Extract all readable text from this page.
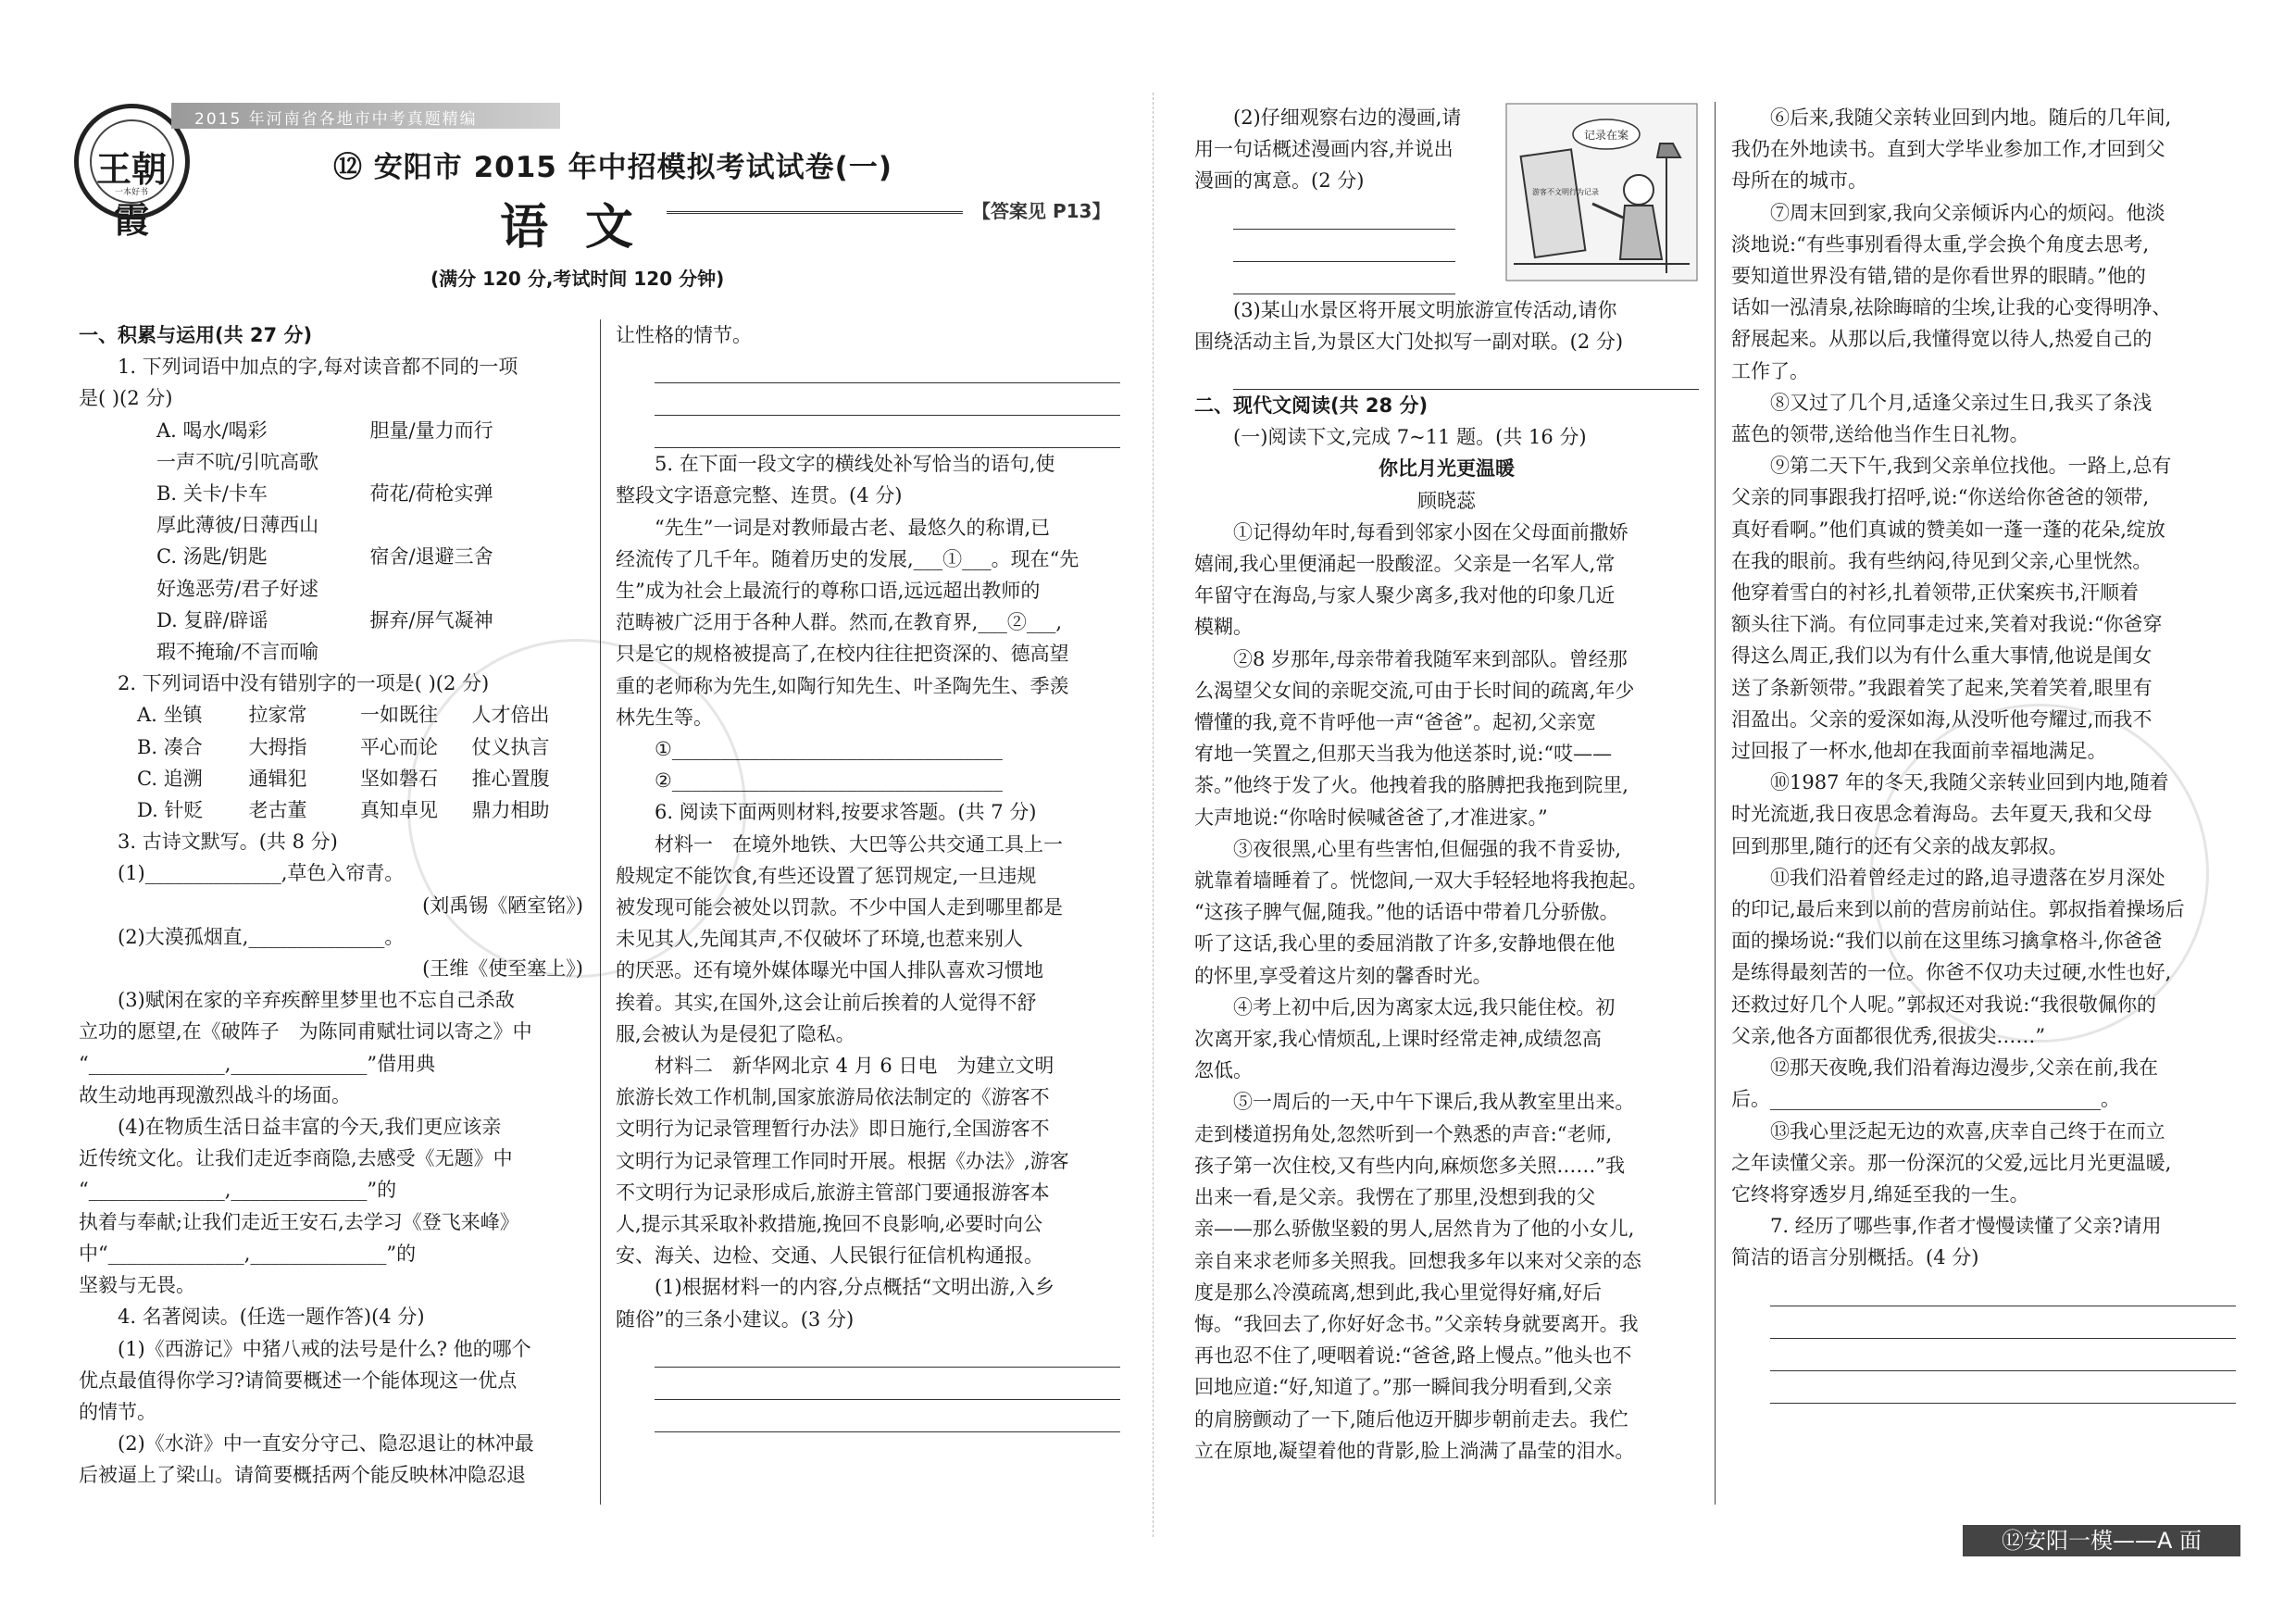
王朝霞
一本好书
2015 年河南省各地市中考真题精编
⑫ 安阳市 2015 年中招模拟考试试卷(一)
语文	【答案见 P13】
(满分 120 分,考试时间 120 分钟)

一、积累与运用(共 27 分)

1. 下列词语中加点的字,每对读音都不同的一项

是( )(2 分)

A. 喝水/喝彩	胆量/量力而行

一声不吭/引吭高歌

B. 关卡/卡车	荷花/荷枪实弹

厚此薄彼/日薄西山

C. 汤匙/钥匙	宿舍/退避三舍

好逸恶劳/君子好逑

D. 复辟/辟谣	摒弃/屏气凝神

瑕不掩瑜/不言而喻

2. 下列词语中没有错别字的一项是( )(2 分)

A. 坐镇	拉家常	一如既往	人才倍出

B. 凑合	大拇指	平心而论	仗义执言

C. 追溯	通辑犯	坚如磐石	推心置腹

D. 针贬	老古董	真知卓见	鼎力相助

3. 古诗文默写。(共 8 分)

(1)______________,草色入帘青。

(刘禹锡《陋室铭》)

(2)大漠孤烟直,______________。

(王维《使至塞上》)

(3)赋闲在家的辛弃疾醉里梦里也不忘自己杀敌

立功的愿望,在《破阵子　为陈同甫赋壮词以寄之》中

“______________,______________”借用典

故生动地再现激烈战斗的场面。

(4)在物质生活日益丰富的今天,我们更应该亲

近传统文化。让我们走近李商隐,去感受《无题》中

“______________,______________”的

执着与奉献;让我们走近王安石,去学习《登飞来峰》

中“______________,______________”的

坚毅与无畏。

4. 名著阅读。(任选一题作答)(4 分)

(1)《西游记》中猪八戒的法号是什么? 他的哪个

优点最值得你学习?请简要概述一个能体现这一优点

的情节。

(2)《水浒》中一直安分守己、隐忍退让的林冲最

后被逼上了梁山。请简要概括两个能反映林冲隐忍退

让性格的情节。

5. 在下面一段文字的横线处补写恰当的语句,使

整段文字语意完整、连贯。(4 分)

“先生”一词是对教师最古老、最悠久的称谓,已

经流传了几千年。随着历史的发展,___①___。现在“先

生”成为社会上最流行的尊称口语,远远超出教师的

范畴被广泛用于各种人群。然而,在教育界,___②___,

只是它的规格被提高了,在校内往往把资深的、德高望

重的老师称为先生,如陶行知先生、叶圣陶先生、季羡

林先生等。

①__________________________________

②__________________________________

6. 阅读下面两则材料,按要求答题。(共 7 分)

材料一　在境外地铁、大巴等公共交通工具上一

般规定不能饮食,有些还设置了惩罚规定,一旦违规

被发现可能会被处以罚款。不少中国人走到哪里都是

未见其人,先闻其声,不仅破坏了环境,也惹来别人

的厌恶。还有境外媒体曝光中国人排队喜欢习惯地

挨着。其实,在国外,这会让前后挨着的人觉得不舒

服,会被认为是侵犯了隐私。

材料二　新华网北京 4 月 6 日电　为建立文明

旅游长效工作机制,国家旅游局依法制定的《游客不

文明行为记录管理暂行办法》即日施行,全国游客不

文明行为记录管理工作同时开展。根据《办法》,游客

不文明行为记录形成后,旅游主管部门要通报游客本

人,提示其采取补救措施,挽回不良影响,必要时向公

安、海关、边检、交通、人民银行征信机构通报。

(1)根据材料一的内容,分点概括“文明出游,入乡

随俗”的三条小建议。(3 分)

(2)仔细观察右边的漫画,请

用一句话概述漫画内容,并说出

漫画的寓意。(2 分)

(3)某山水景区将开展文明旅游宣传活动,请你

围绕活动主旨,为景区大门处拟写一副对联。(2 分)

二、现代文阅读(共 28 分)

(一)阅读下文,完成 7~11 题。(共 16 分)

你比月光更温暖

顾晓蕊

①记得幼年时,每看到邻家小囡在父母面前撒娇

嬉闹,我心里便涌起一股酸涩。父亲是一名军人,常

年留守在海岛,与家人聚少离多,我对他的印象几近

模糊。

②8 岁那年,母亲带着我随军来到部队。曾经那

么渴望父女间的亲昵交流,可由于长时间的疏离,年少

懵懂的我,竟不肯呼他一声“爸爸”。起初,父亲宽

宥地一笑置之,但那天当我为他送茶时,说:“哎——

茶。”他终于发了火。他拽着我的胳膊把我拖到院里,

大声地说:“你啥时候喊爸爸了,才准进家。”

③夜很黑,心里有些害怕,但倔强的我不肯妥协,

就靠着墙睡着了。恍惚间,一双大手轻轻地将我抱起。

“这孩子脾气倔,随我。”他的话语中带着几分骄傲。

听了这话,我心里的委屈消散了许多,安静地偎在他

的怀里,享受着这片刻的馨香时光。

④考上初中后,因为离家太远,我只能住校。初

次离开家,我心情烦乱,上课时经常走神,成绩忽高

忽低。

⑤一周后的一天,中午下课后,我从教室里出来。

走到楼道拐角处,忽然听到一个熟悉的声音:“老师,

孩子第一次住校,又有些内向,麻烦您多关照……”我

出来一看,是父亲。我愣在了那里,没想到我的父

亲——那么骄傲坚毅的男人,居然肯为了他的小女儿,

亲自来求老师多关照我。回想我多年以来对父亲的态

度是那么冷漠疏离,想到此,我心里觉得好痛,好后

悔。“我回去了,你好好念书。”父亲转身就要离开。我

再也忍不住了,哽咽着说:“爸爸,路上慢点。”他头也不

回地应道:“好,知道了。”那一瞬间我分明看到,父亲

的肩膀颤动了一下,随后他迈开脚步朝前走去。我伫

立在原地,凝望着他的背影,脸上淌满了晶莹的泪水。

⑥后来,我随父亲转业回到内地。随后的几年间,

我仍在外地读书。直到大学毕业参加工作,才回到父

母所在的城市。

⑦周末回到家,我向父亲倾诉内心的烦闷。他淡

淡地说:“有些事别看得太重,学会换个角度去思考,

要知道世界没有错,错的是你看世界的眼睛。”他的

话如一泓清泉,祛除晦暗的尘埃,让我的心变得明净、

舒展起来。从那以后,我懂得宽以待人,热爱自己的

工作了。

⑧又过了几个月,适逢父亲过生日,我买了条浅

蓝色的领带,送给他当作生日礼物。

⑨第二天下午,我到父亲单位找他。一路上,总有

父亲的同事跟我打招呼,说:“你送给你爸爸的领带,

真好看啊。”他们真诚的赞美如一蓬一蓬的花朵,绽放

在我的眼前。我有些纳闷,待见到父亲,心里恍然。

他穿着雪白的衬衫,扎着领带,正伏案疾书,汗顺着

额头往下淌。有位同事走过来,笑着对我说:“你爸穿

得这么周正,我们以为有什么重大事情,他说是闺女

送了条新领带。”我跟着笑了起来,笑着笑着,眼里有

泪盈出。父亲的爱深如海,从没听他夸耀过,而我不

过回报了一杯水,他却在我面前幸福地满足。

⑩1987 年的冬天,我随父亲转业回到内地,随着

时光流逝,我日夜思念着海岛。去年夏天,我和父母

回到那里,随行的还有父亲的战友郭叔。

⑪我们沿着曾经走过的路,追寻遗落在岁月深处

的印记,最后来到以前的营房前站住。郭叔指着操场后

面的操场说:“我们以前在这里练习擒拿格斗,你爸爸

是练得最刻苦的一位。你爸不仅功夫过硬,水性也好,

还救过好几个人呢。”郭叔还对我说:“我很敬佩你的

父亲,他各方面都很优秀,很拔尖……”

⑫那天夜晚,我们沿着海边漫步,父亲在前,我在

后。__________________________________。

⑬我心里泛起无边的欢喜,庆幸自己终于在而立

之年读懂父亲。那一份深沉的父爱,远比月光更温暖,

它终将穿透岁月,绵延至我的一生。

7. 经历了哪些事,作者才慢慢读懂了父亲?请用

简洁的语言分别概括。(4 分)

游客不文明行为记录
记录在案
⑫安阳一模——A 面
